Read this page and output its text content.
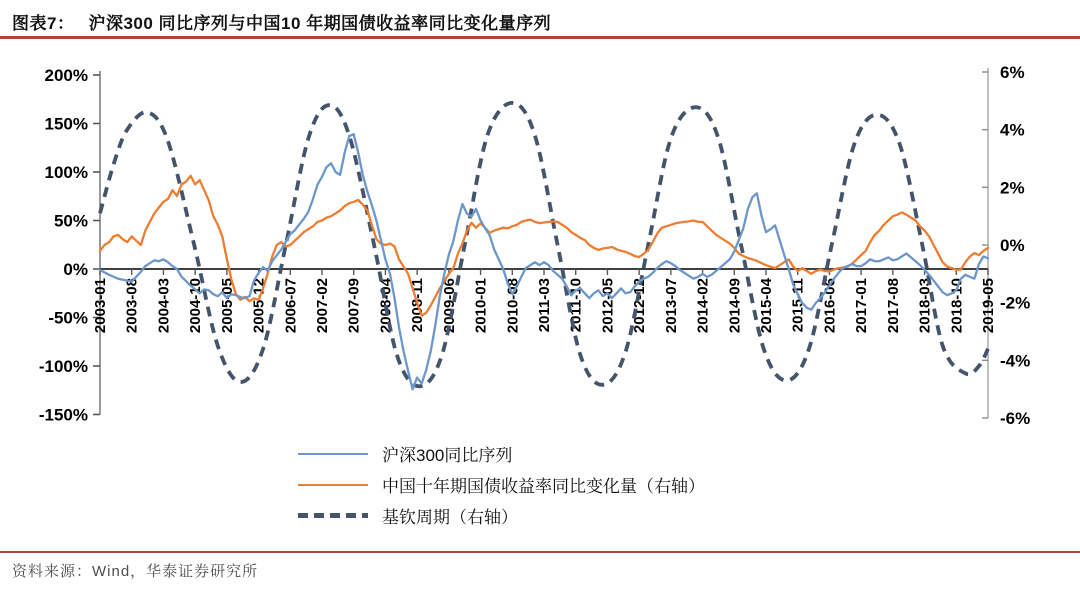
图表7： 沪深300 同比序列与中国10 年期国债收益率同比变化量序列
200%
150%
100%
50%
0%
-50%
-100%
-150%
6%
4%
2%
0%
-2%
-4%
-6%
2003-01 2003-08 2004-03 2004-10 2005-05 2005-12 2006-07 2007-02 2007-09 2008-04 2008-11 2009-06 2010-01 2010-08 2011-03 2011-10 2012-05 2012-12 2013-07 2014-02 2014-09 2015-04 2015-11 2016-06 2017-01 2017-08 2018-03 2018-10 2019-05
沪深300同比序列
中国十年期国债收益率同比变化量（右轴）
基钦周期（右轴）
资料来源：Wind，华泰证券研究所
